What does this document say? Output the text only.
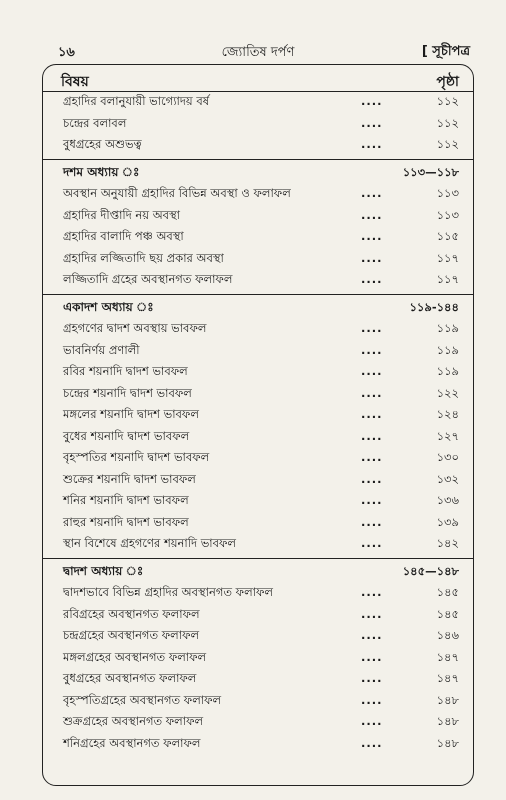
১৬	জ্যোতিষ দর্পণ	[ সূচীপত্র
বিষয়	পৃষ্ঠা
গ্রহাদির বলানুযায়ী ভাগ্যোদয় বর্ষ	....	১১২
চন্দ্রের বলাবল	....	১১২
বুধগ্রহের অশুভত্ব	....	১১২
দশম অধ্যায় ঃ	১১৩—১১৮
অবস্থান অনুযায়ী গ্রহাদির বিভিন্ন অবস্থা ও ফলাফল	....	১১৩
গ্রহাদির দীপ্তাদি নয় অবস্থা	....	১১৩
গ্রহাদির বালাদি পঞ্চ অবস্থা	....	১১৫
গ্রহাদির লজ্জিতাদি ছয় প্রকার অবস্থা	....	১১৭
লজ্জিতাদি গ্রহের অবস্থানগত ফলাফল	....	১১৭
একাদশ অধ্যায় ঃ	১১৯-১৪৪
গ্রহগণের দ্বাদশ অবস্থায় ভাবফল	....	১১৯
ভাবনির্ণয় প্রণালী	....	১১৯
রবির শয়নাদি দ্বাদশ ভাবফল	....	১১৯
চন্দ্রের শয়নাদি দ্বাদশ ভাবফল	....	১২২
মঙ্গলের শয়নাদি দ্বাদশ ভাবফল	....	১২৪
বুধের শয়নাদি দ্বাদশ ভাবফল	....	১২৭
বৃহস্পতির শয়নাদি দ্বাদশ ভাবফল	....	১৩০
শুক্রের শয়নাদি দ্বাদশ ভাবফল	....	১৩২
শনির শয়নাদি দ্বাদশ ভাবফল	....	১৩৬
রাহুর শয়নাদি দ্বাদশ ভাবফল	....	১৩৯
স্থান বিশেষে গ্রহগণের শয়নাদি ভাবফল	....	১৪২
দ্বাদশ অধ্যায় ঃ	১৪৫—১৪৮
দ্বাদশভাবে বিভিন্ন গ্রহাদির অবস্থানগত ফলাফল	....	১৪৫
রবিগ্রহের অবস্থানগত ফলাফল	....	১৪৫
চন্দ্রগ্রহের অবস্থানগত ফলাফল	....	১৪৬
মঙ্গলগ্রহের অবস্থানগত ফলাফল	....	১৪৭
বুধগ্রহের অবস্থানগত ফলাফল	....	১৪৭
বৃহস্পতিগ্রহের অবস্থানগত ফলাফল	....	১৪৮
শুক্রগ্রহের অবস্থানগত ফলাফল	....	১৪৮
শনিগ্রহের অবস্থানগত ফলাফল	....	১৪৮
